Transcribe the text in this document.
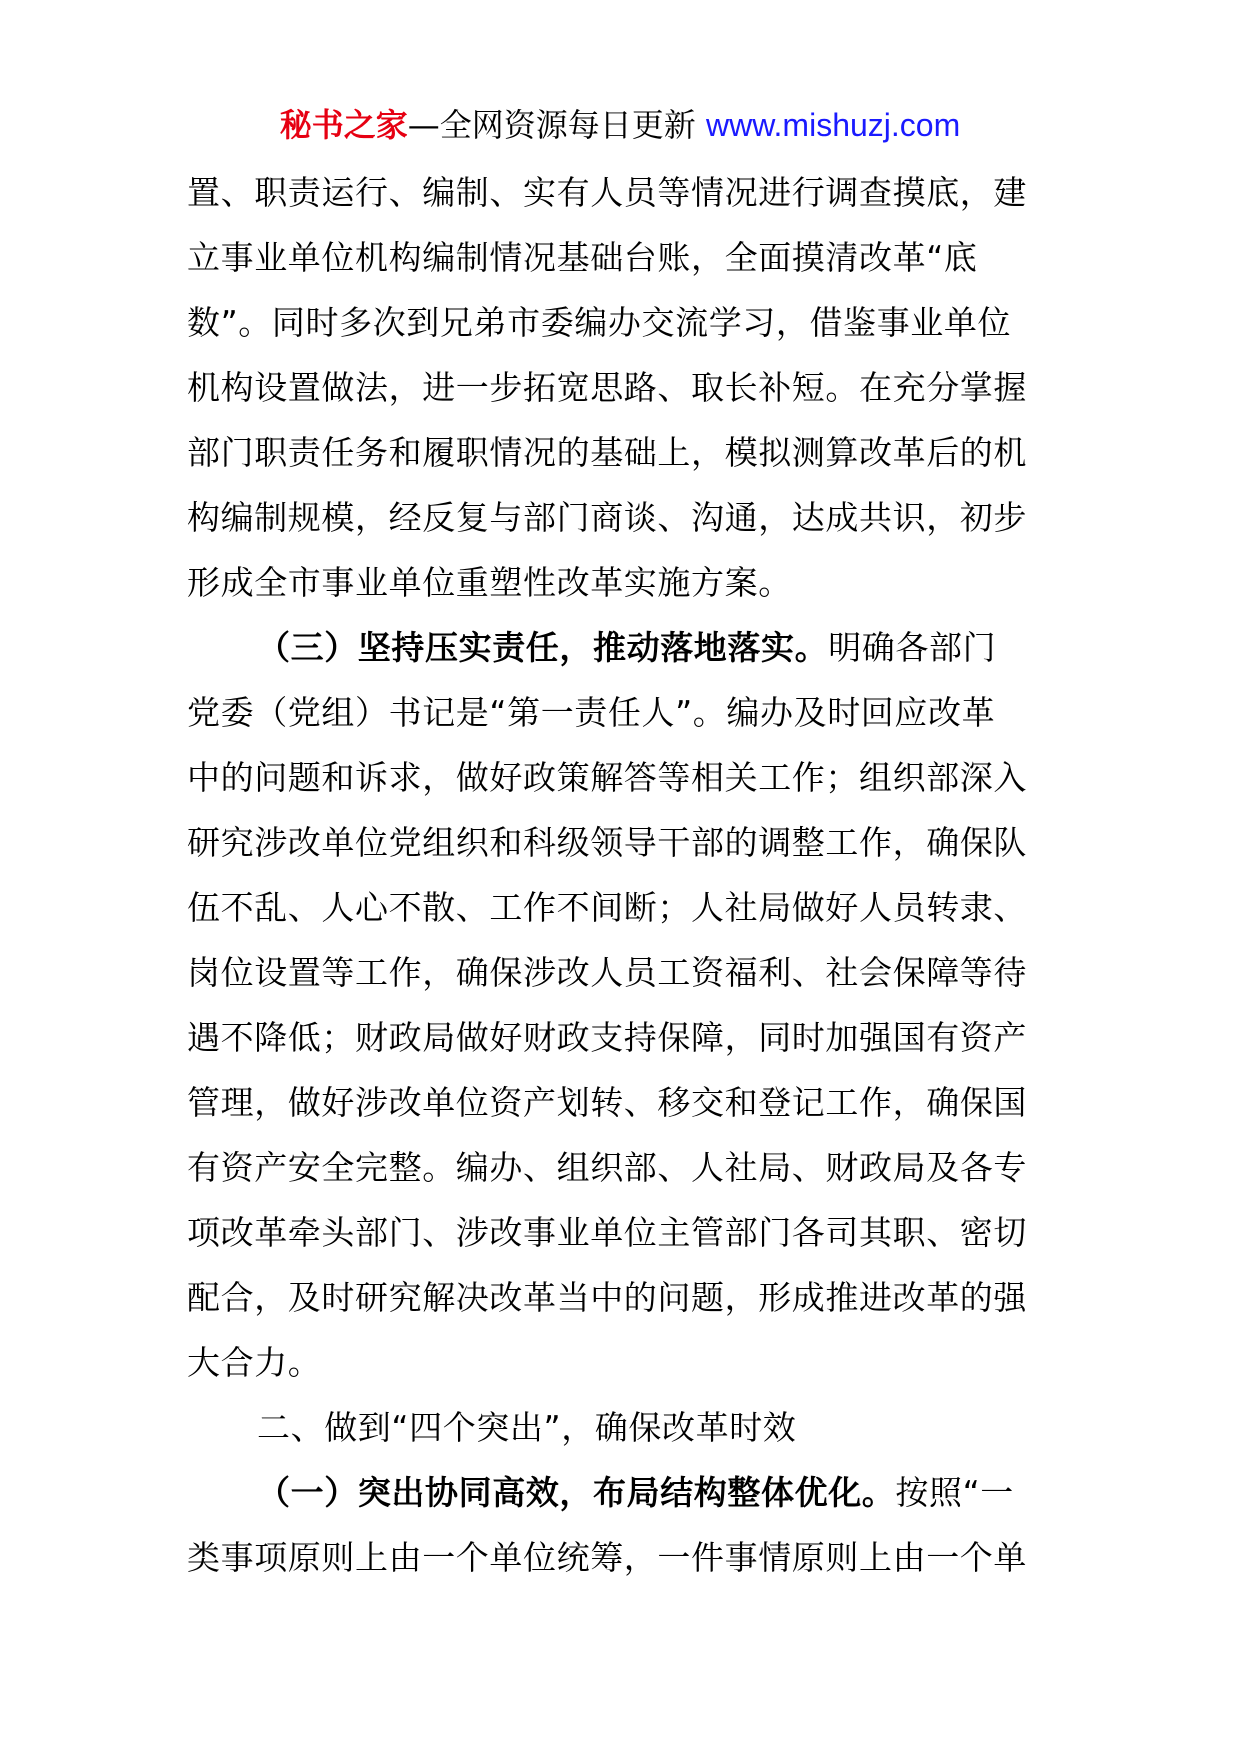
秘书之家—全网资源每日更新 www.mishuzj.com

置、职责运行、编制、实有人员等情况进行调查摸底，建立事业单位机构编制情况基础台账，全面摸清改革“底数”。同时多次到兄弟市委编办交流学习，借鉴事业单位机构设置做法，进一步拓宽思路、取长补短。在充分掌握部门职责任务和履职情况的基础上，模拟测算改革后的机构编制规模，经反复与部门商谈、沟通，达成共识，初步形成全市事业单位重塑性改革实施方案。

（三）坚持压实责任，推动落地落实。明确各部门党委（党组）书记是“第一责任人”。编办及时回应改革中的问题和诉求，做好政策解答等相关工作；组织部深入研究涉改单位党组织和科级领导干部的调整工作，确保队伍不乱、人心不散、工作不间断；人社局做好人员转隶、岗位设置等工作，确保涉改人员工资福利、社会保障等待遇不降低；财政局做好财政支持保障，同时加强国有资产管理，做好涉改单位资产划转、移交和登记工作，确保国有资产安全完整。编办、组织部、人社局、财政局及各专项改革牵头部门、涉改事业单位主管部门各司其职、密切配合，及时研究解决改革当中的问题，形成推进改革的强大合力。

二、做到“四个突出”，确保改革时效

（一）突出协同高效，布局结构整体优化。按照“一类事项原则上由一个单位统筹，一件事情原则上由一个单
